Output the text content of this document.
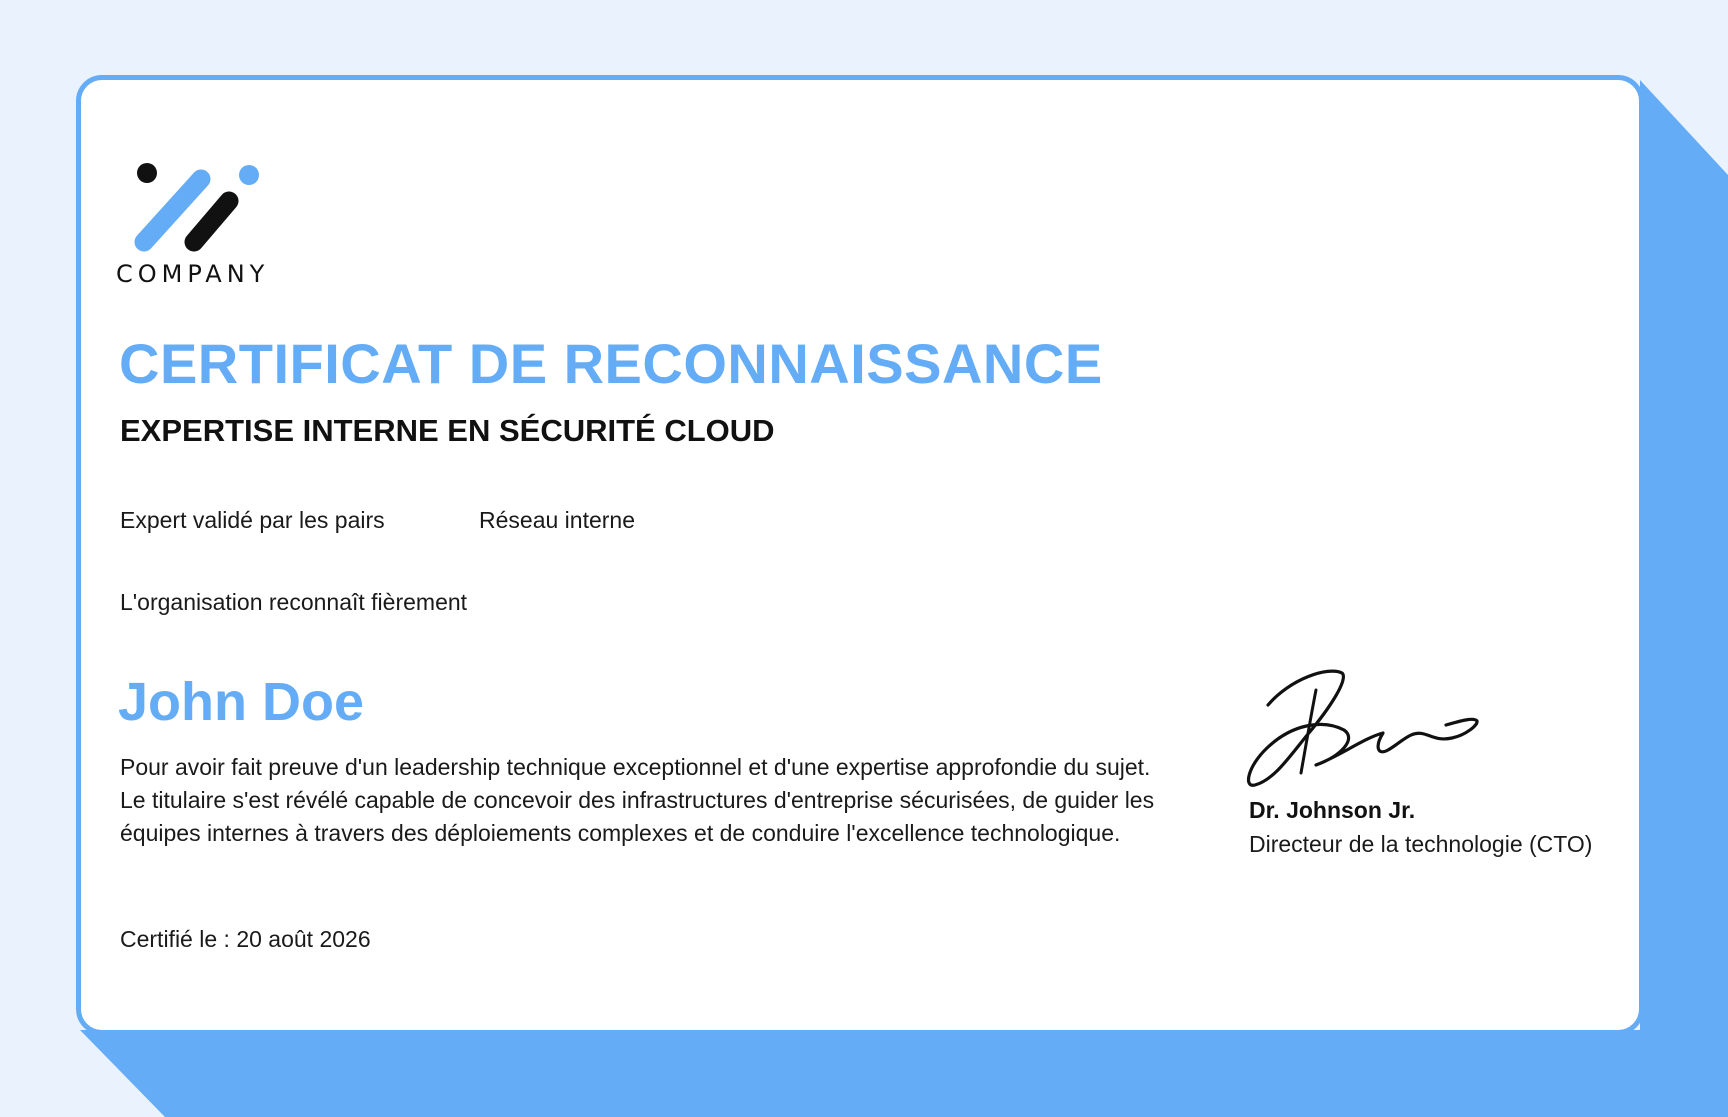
COMPANY
CERTIFICAT DE RECONNAISSANCE
EXPERTISE INTERNE EN SÉCURITÉ CLOUD
Expert validé par les pairs	Réseau interne
L'organisation reconnaît fièrement
John Doe
Pour avoir fait preuve d'un leadership technique exceptionnel et d'une expertise approfondie du sujet. Le titulaire s'est révélé capable de concevoir des infrastructures d'entreprise sécurisées, de guider les équipes internes à travers des déploiements complexes et de conduire l'excellence technologique.
Certifié le : 20 août 2026
Dr. Johnson Jr.
Directeur de la technologie (CTO)
